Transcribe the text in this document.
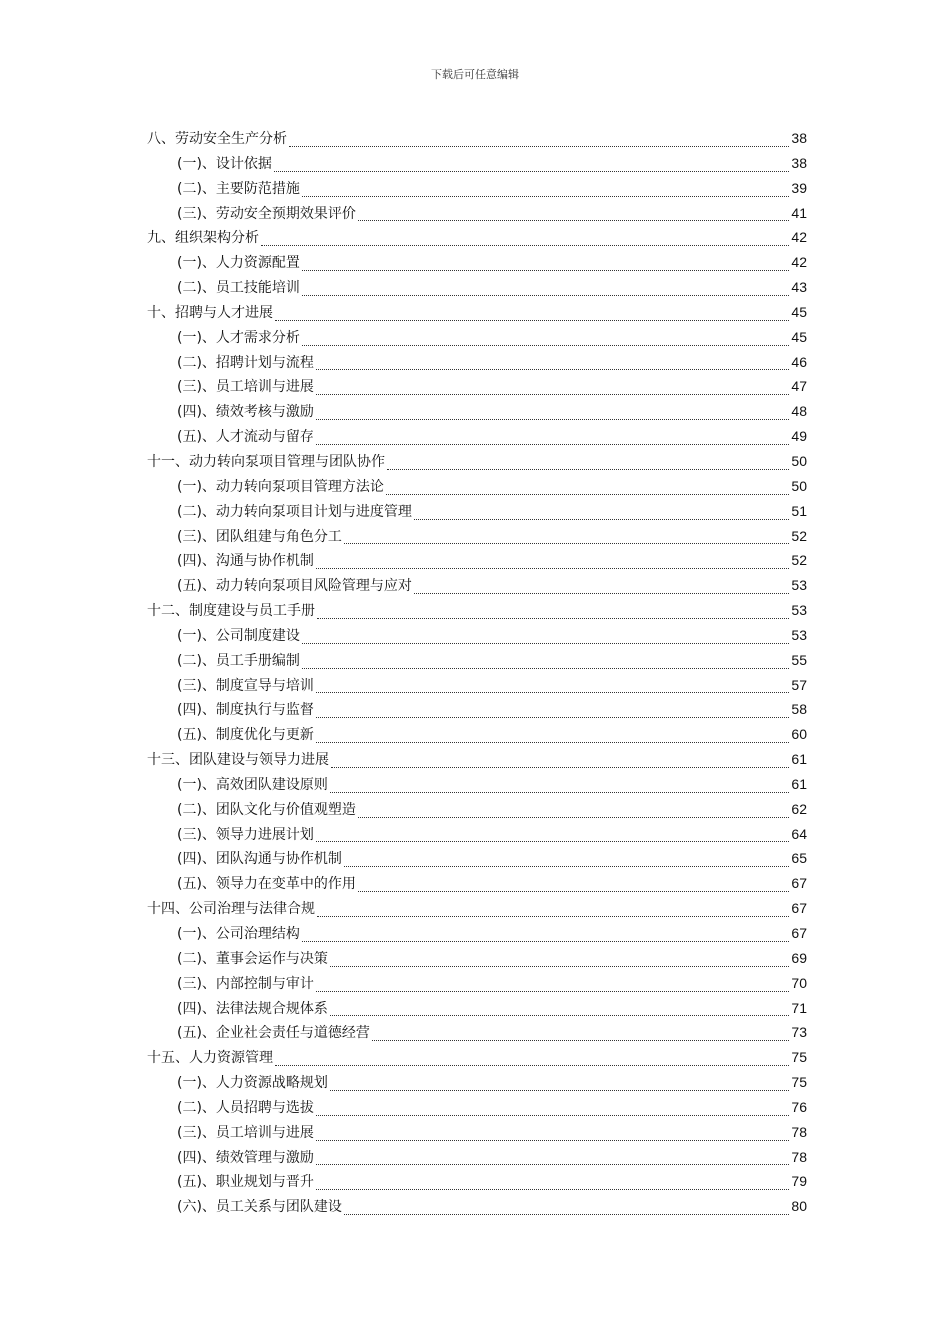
下载后可任意编辑
八、劳动安全生产分析	38
(一)、设计依据	38
(二)、主要防范措施	39
(三)、劳动安全预期效果评价	41
九、组织架构分析	42
(一)、人力资源配置	42
(二)、员工技能培训	43
十、招聘与人才进展	45
(一)、人才需求分析	45
(二)、招聘计划与流程	46
(三)、员工培训与进展	47
(四)、绩效考核与激励	48
(五)、人才流动与留存	49
十一、动力转向泵项目管理与团队协作	50
(一)、动力转向泵项目管理方法论	50
(二)、动力转向泵项目计划与进度管理	51
(三)、团队组建与角色分工	52
(四)、沟通与协作机制	52
(五)、动力转向泵项目风险管理与应对	53
十二、制度建设与员工手册	53
(一)、公司制度建设	53
(二)、员工手册编制	55
(三)、制度宣导与培训	57
(四)、制度执行与监督	58
(五)、制度优化与更新	60
十三、团队建设与领导力进展	61
(一)、高效团队建设原则	61
(二)、团队文化与价值观塑造	62
(三)、领导力进展计划	64
(四)、团队沟通与协作机制	65
(五)、领导力在变革中的作用	67
十四、公司治理与法律合规	67
(一)、公司治理结构	67
(二)、董事会运作与决策	69
(三)、内部控制与审计	70
(四)、法律法规合规体系	71
(五)、企业社会责任与道德经营	73
十五、人力资源管理	75
(一)、人力资源战略规划	75
(二)、人员招聘与选拔	76
(三)、员工培训与进展	78
(四)、绩效管理与激励	78
(五)、职业规划与晋升	79
(六)、员工关系与团队建设	80
